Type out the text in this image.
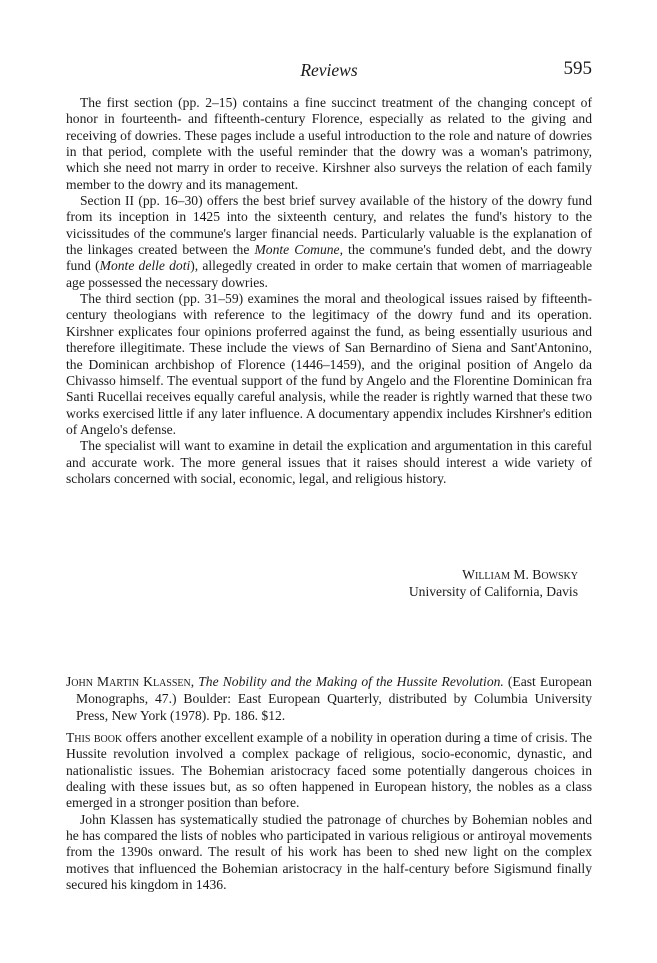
Reviews	595

The first section (pp. 2–15) contains a fine succinct treatment of the changing concept of honor in fourteenth- and fifteenth-century Florence, especially as related to the giving and receiving of dowries. These pages include a useful introduction to the role and nature of dowries in that period, complete with the useful reminder that the dowry was a woman's patrimony, which she need not marry in order to receive. Kirshner also surveys the relation of each family member to the dowry and its management.

Section II (pp. 16–30) offers the best brief survey available of the history of the dowry fund from its inception in 1425 into the sixteenth century, and relates the fund's history to the vicissitudes of the commune's larger financial needs. Particularly valuable is the explanation of the linkages created between the Monte Comune, the commune's funded debt, and the dowry fund (Monte delle doti), allegedly created in order to make certain that women of marriageable age possessed the necessary dowries.

The third section (pp. 31–59) examines the moral and theological issues raised by fifteenth-century theologians with reference to the legitimacy of the dowry fund and its operation. Kirshner explicates four opinions proferred against the fund, as being essentially usurious and therefore illegitimate. These include the views of San Bernardino of Siena and Sant'Antonino, the Dominican archbishop of Florence (1446–1459), and the original position of Angelo da Chivasso himself. The eventual support of the fund by Angelo and the Florentine Dominican fra Santi Rucellai receives equally careful analysis, while the reader is rightly warned that these two works exercised little if any later influence. A documentary appendix includes Kirshner's edition of Angelo's defense.

The specialist will want to examine in detail the explication and argumentation in this careful and accurate work. The more general issues that it raises should interest a wide variety of scholars concerned with social, economic, legal, and religious history.

William M. Bowsky
University of California, Davis
John Martin Klassen, The Nobility and the Making of the Hussite Revolution. (East European Monographs, 47.) Boulder: East European Quarterly, distributed by Columbia University Press, New York (1978). Pp. 186. $12.

This book offers another excellent example of a nobility in operation during a time of crisis. The Hussite revolution involved a complex package of religious, socio-economic, dynastic, and nationalistic issues. The Bohemian aristocracy faced some potentially dangerous choices in dealing with these issues but, as so often happened in European history, the nobles as a class emerged in a stronger position than before.

John Klassen has systematically studied the patronage of churches by Bohemian nobles and he has compared the lists of nobles who participated in various religious or antiroyal movements from the 1390s onward. The result of his work has been to shed new light on the complex motives that influenced the Bohemian aristocracy in the half-century before Sigismund finally secured his kingdom in 1436.
